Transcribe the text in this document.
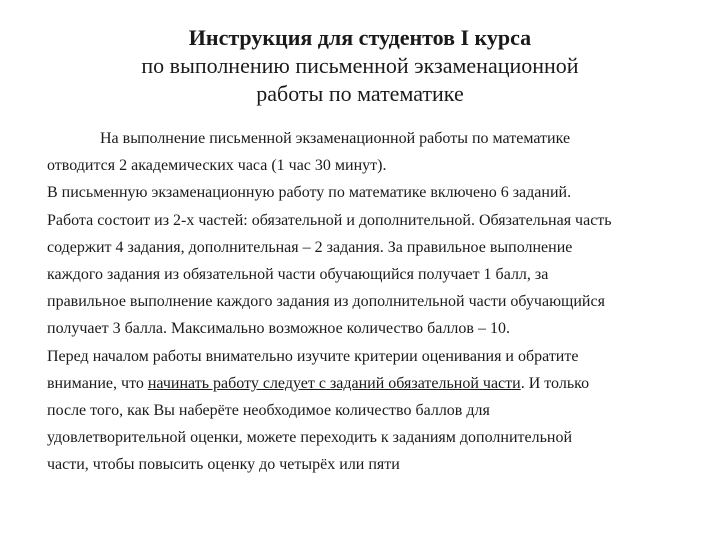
Инструкция для студентов I курса
по выполнению письменной экзаменационной
работы по математике
На выполнение письменной экзаменационной работы по математике
отводится 2 академических часа (1 час 30 минут).
В письменную экзаменационную работу по математике включено 6 заданий.
Работа состоит из 2-х частей: обязательной и дополнительной. Обязательная часть
содержит 4 задания, дополнительная – 2 задания. За правильное выполнение
каждого задания из обязательной части обучающийся получает 1 балл, за
правильное выполнение каждого задания из дополнительной части обучающийся
получает 3 балла. Максимально возможное количество баллов – 10.
Перед началом работы внимательно изучите критерии оценивания и обратите
внимание, что начинать работу следует с заданий обязательной части. И только
после того, как Вы наберёте необходимое количество баллов для
удовлетворительной оценки, можете переходить к заданиям дополнительной
части, чтобы повысить оценку до четырёх или пяти
